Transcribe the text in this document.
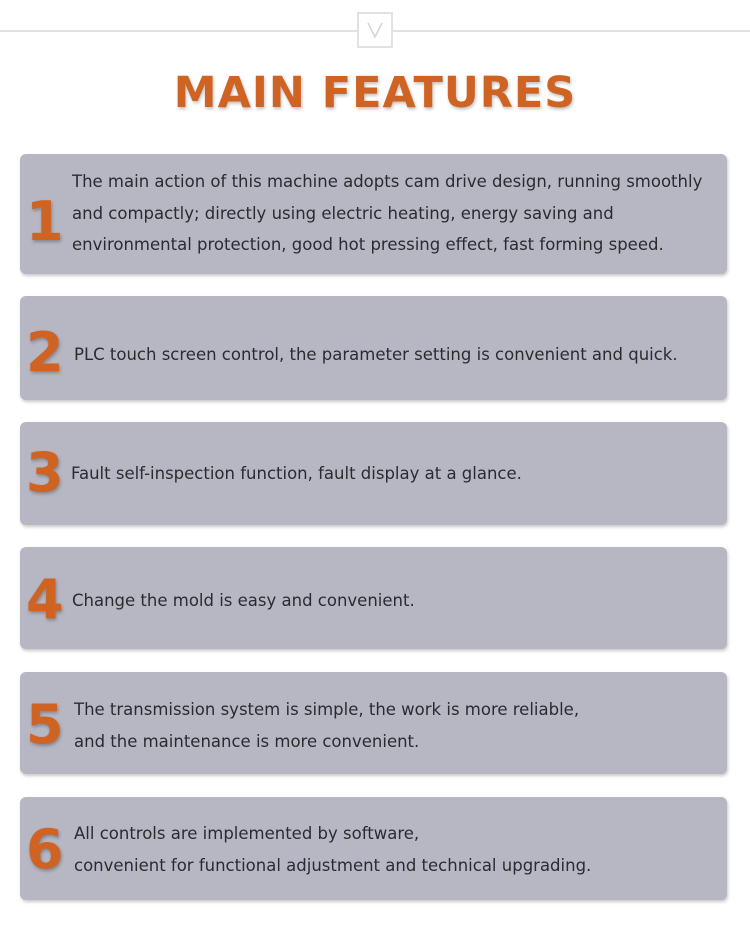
MAIN FEATURES
1
The main action of this machine adopts cam drive design, running smoothly
and compactly; directly using electric heating, energy saving and
environmental protection, good hot pressing effect, fast forming speed.
2 PLC touch screen control, the parameter setting is convenient and quick.
3 Fault self-inspection function, fault display at a glance.
4 Change the mold is easy and convenient.
5 The transmission system is simple, the work is more reliable,
and the maintenance is more convenient.
6 All controls are implemented by software,
convenient for functional adjustment and technical upgrading.
